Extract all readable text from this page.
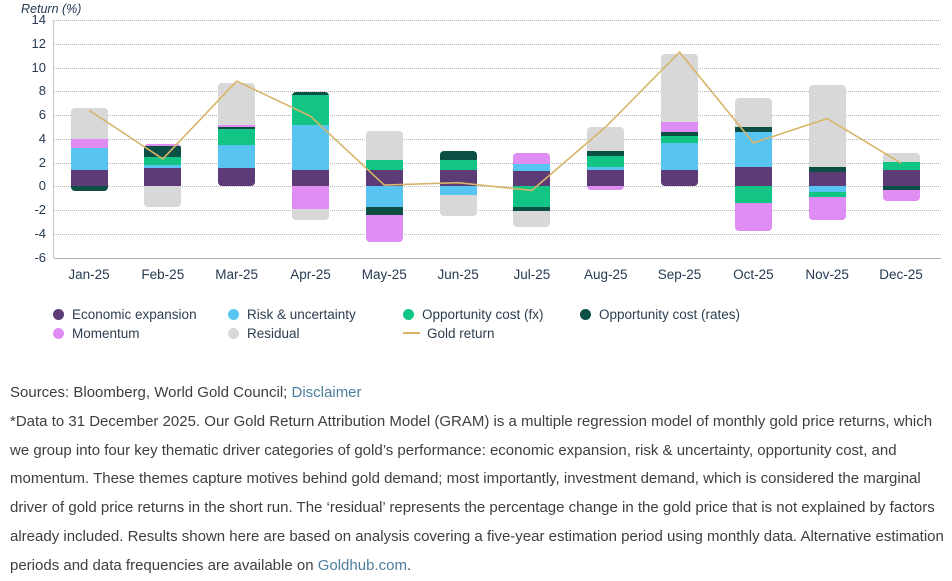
Return (%)
Economic expansion	Risk & uncertainty	Opportunity cost (fx)	Opportunity cost (rates)
Momentum	Residual	Gold return
14
12
10
8
6
4
2
0
-2
-4
-6
Jan-25	Feb-25	Mar-25	Apr-25	May-25	Jun-25	Jul-25	Aug-25	Sep-25	Oct-25	Nov-25	Dec-25
Sources: Bloomberg, World Gold Council; Disclaimer
*Data to 31 December 2025. Our Gold Return Attribution Model (GRAM) is a multiple regression model of monthly gold price returns, which we group into four key thematic driver categories of gold’s performance: economic expansion, risk & uncertainty, opportunity cost, and momentum. These themes capture motives behind gold demand; most importantly, investment demand, which is considered the marginal driver of gold price returns in the short run. The ‘residual’ represents the percentage change in the gold price that is not explained by factors already included. Results shown here are based on analysis covering a five-year estimation period using monthly data. Alternative estimation periods and data frequencies are available on Goldhub.com.
